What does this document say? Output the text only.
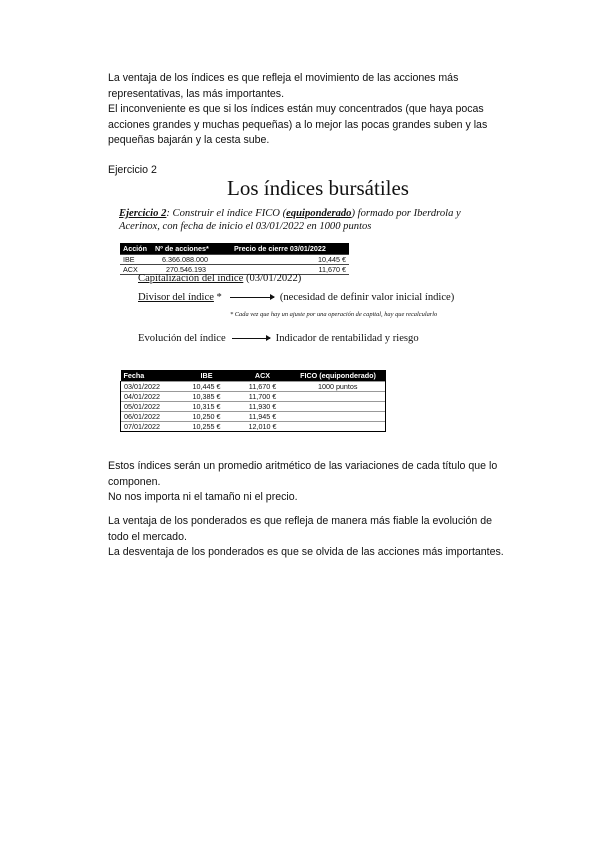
La ventaja de los índices es que refleja el movimiento de las acciones más
representativas, las más importantes.
El inconveniente es que si los índices están muy concentrados (que haya pocas
acciones grandes y muchas pequeñas) a lo mejor las pocas grandes suben y las
pequeñas bajarán y la cesta sube.
Ejercicio 2
Los índices bursátiles
Ejercicio 2: Construir el índice FICO (equiponderado) formado por Iberdrola y
Acerinox, con fecha de inicio el 03/01/2022 en 1000 puntos
Acción	Nº de acciones*	Precio de cierre 03/01/2022
IBE	6.366.088.000	10,445 €
ACX	270.546.193	11,670 €
Capitalización del índice (03/01/2022)
Divisor del índice *	(necesidad de definir valor inicial índice)
* Cada vez que hay un ajuste por una operación de capital, hay que recalcularlo
Evolución del índice	Indicador de rentabilidad y riesgo
Fecha	IBE	ACX	FICO (equiponderado)
03/01/2022	10,445 €	11,670 €	1000 puntos
04/01/2022	10,385 €	11,700 €	
05/01/2022	10,315 €	11,930 €	
06/01/2022	10,250 €	11,945 €	
07/01/2022	10,255 €	12,010 €	
Estos índices serán un promedio aritmético de las variaciones de cada título que lo
componen.
No nos importa ni el tamaño ni el precio.
La ventaja de los ponderados es que refleja de manera más fiable la evolución de
todo el mercado.
La desventaja de los ponderados es que se olvida de las acciones más importantes.
